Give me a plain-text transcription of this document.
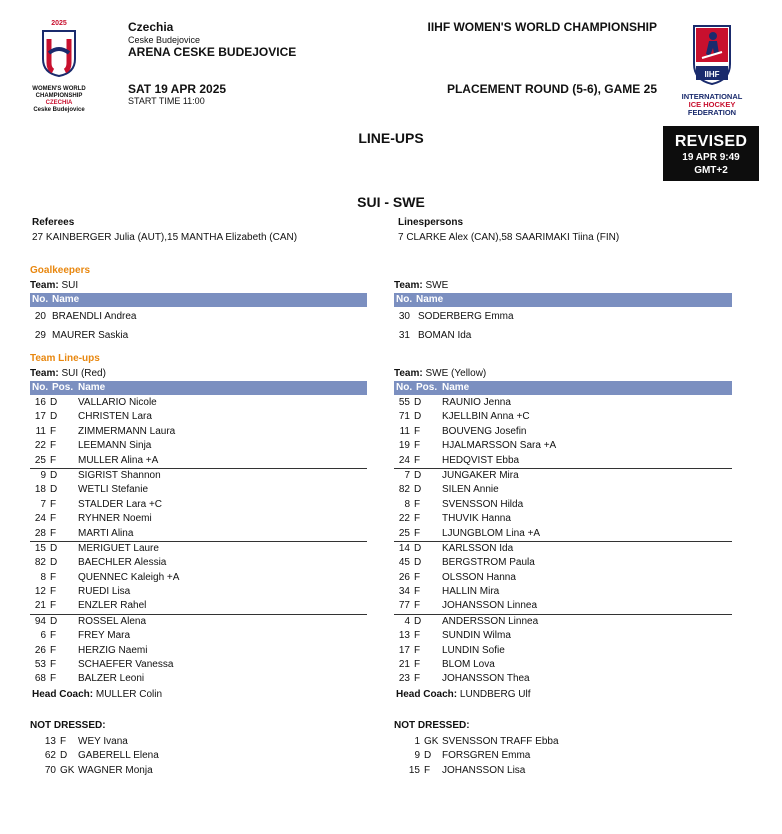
2025
WOMEN'S WORLD
CHAMPIONSHIP
CZECHIA
Ceske Budejovice
Czechia
Ceske Budejovice
ARENA CESKE BUDEJOVICE
SAT 19 APR 2025
START TIME 11:00
IIHF WOMEN'S WORLD CHAMPIONSHIP
PLACEMENT ROUND (5-6), GAME 25
IIHF
INTERNATIONAL
ICE HOCKEY
FEDERATION
LINE-UPS	REVISED
19 APR 9:49
GMT+2
SUI - SWE
Referees
27 KAINBERGER Julia (AUT),15 MANTHA Elizabeth (CAN)
Linespersons
7 CLARKE Alex (CAN),58 SAARIMAKI Tiina (FIN)
Goalkeepers
Team: SUI
No. Name
20 BRAENDLI Andrea
29 MAURER Saskia
Team: SWE
No. Name
30 SODERBERG Emma
31 BOMAN Ida
Team Line-ups
Team: SUI (Red)
No. Pos. Name
16 D VALLARIO Nicole
17 D CHRISTEN Lara
11 F ZIMMERMANN Laura
22 F LEEMANN Sinja
25 F MULLER Alina +A
9 D SIGRIST Shannon
18 D WETLI Stefanie
7 F STALDER Lara +C
24 F RYHNER Noemi
28 F MARTI Alina
15 D MERIGUET Laure
82 D BAECHLER Alessia
8 F QUENNEC Kaleigh +A
12 F RUEDI Lisa
21 F ENZLER Rahel
94 D ROSSEL Alena
6 F FREY Mara
26 F HERZIG Naemi
53 F SCHAEFER Vanessa
68 F BALZER Leoni
Team: SWE (Yellow)
No. Pos. Name
55 D RAUNIO Jenna
71 D KJELLBIN Anna +C
11 F BOUVENG Josefin
19 F HJALMARSSON Sara +A
24 F HEDQVIST Ebba
7 D JUNGAKER Mira
82 D SILEN Annie
8 F SVENSSON Hilda
22 F THUVIK Hanna
25 F LJUNGBLOM Lina +A
14 D KARLSSON Ida
45 D BERGSTROM Paula
26 F OLSSON Hanna
34 F HALLIN Mira
77 F JOHANSSON Linnea
4 D ANDERSSON Linnea
13 F SUNDIN Wilma
17 F LUNDIN Sofie
21 F BLOM Lova
23 F JOHANSSON Thea
Head Coach: MULLER Colin	Head Coach: LUNDBERG Ulf
NOT DRESSED:
13 F WEY Ivana
62 D GABERELL Elena
70 GK WAGNER Monja
NOT DRESSED:
1 GK SVENSSON TRAFF Ebba
9 D FORSGREN Emma
15 F JOHANSSON Lisa
